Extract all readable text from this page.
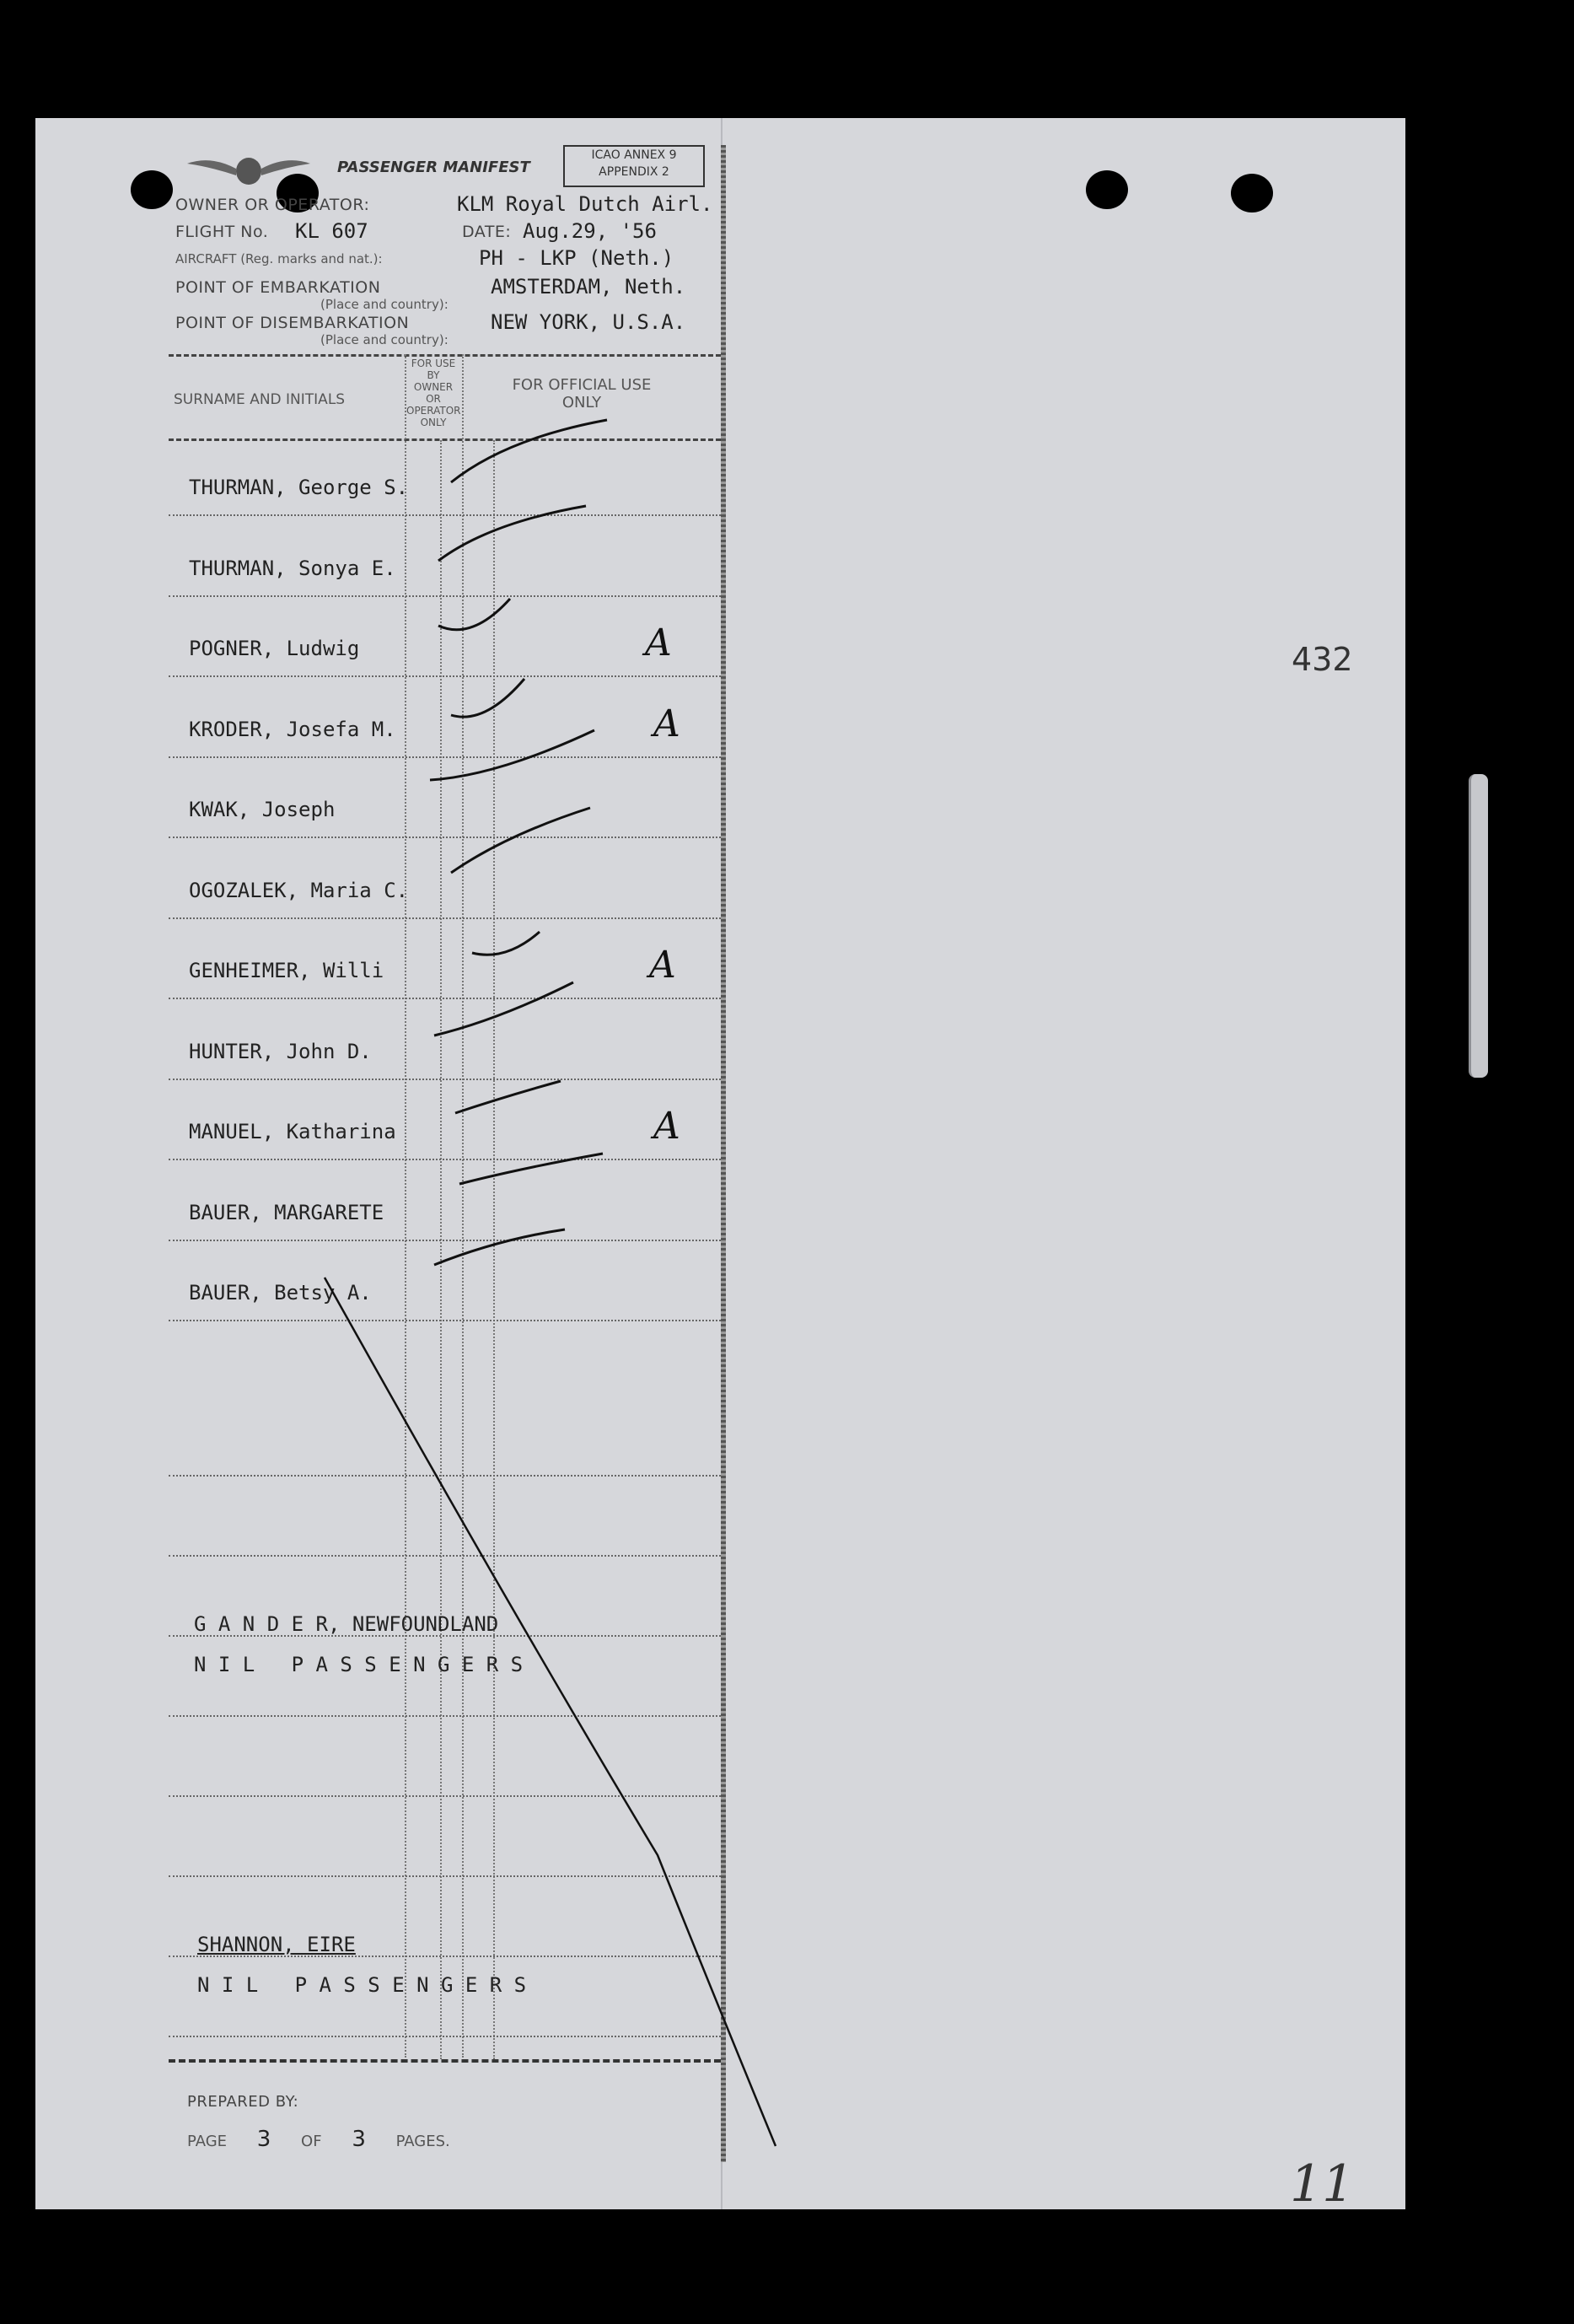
PASSENGER MANIFEST
ICAO ANNEX 9
APPENDIX 2
OWNER OR OPERATOR:	KLM Royal Dutch Airl.
FLIGHT No. KL 607	DATE: Aug.29, '56
AIRCRAFT (Reg. marks and nat.):	PH - LKP (Neth.)
POINT OF EMBARKATION
(Place and country):
AMSTERDAM, Neth.
POINT OF DISEMBARKATION
(Place and country):
NEW YORK, U.S.A.
SURNAME AND INITIALS
FOR USE BY OWNER OR OPERATOR ONLY
FOR OFFICIAL USE ONLY
THURMAN, George S.
THURMAN, Sonya E.
POGNER, Ludwig	A
KRODER, Josefa M.	A
KWAK, Joseph
OGOZALEK, Maria C.
GENHEIMER, Willi	A
HUNTER, John D.
MANUEL, Katharina	A
BAUER, MARGARETE
BAUER, Betsy A.
G A N D E R, NEWFOUNDLAND
N I L   P A S S E N G E R S
SHANNON, EIRE
N I L   P A S S E N G E R S
PREPARED BY:
PAGE 3 OF 3 PAGES.
432
11
